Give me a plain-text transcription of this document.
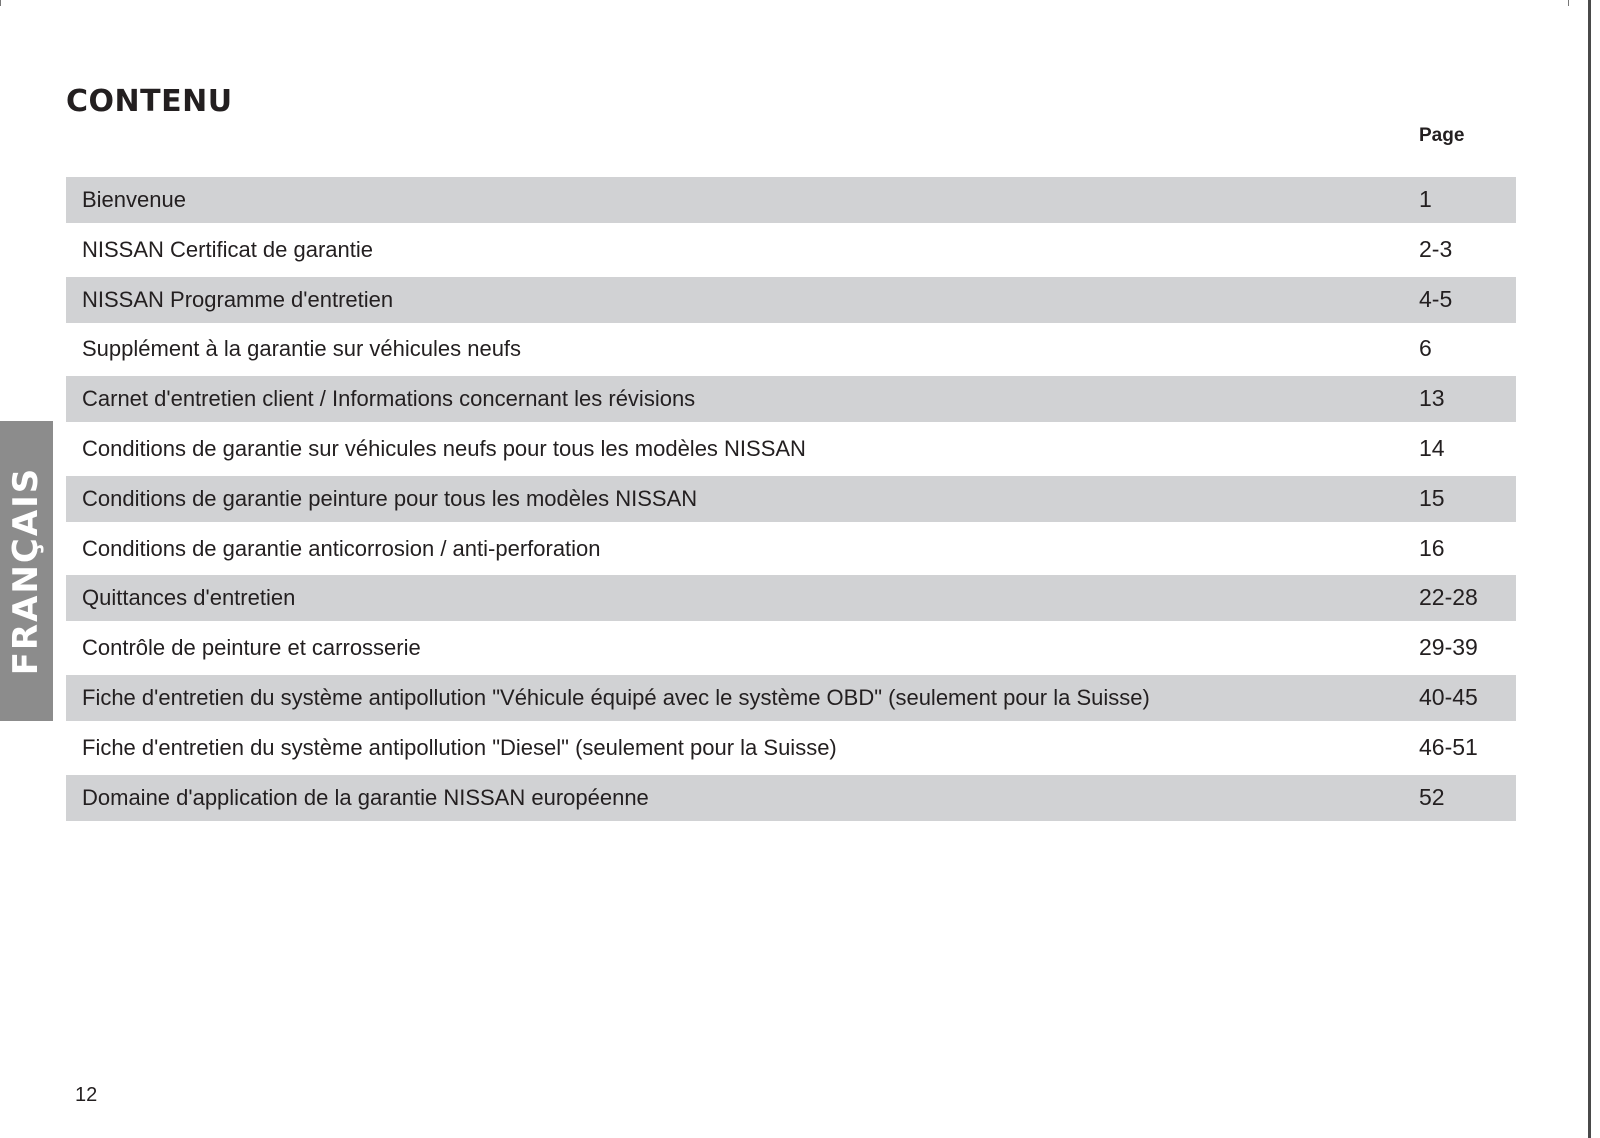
CONTENU
Page
Bienvenue	1
NISSAN Certificat de garantie	2-3
NISSAN Programme d'entretien	4-5
Supplément à la garantie sur véhicules neufs	6
Carnet d'entretien client / Informations concernant les révisions	13
Conditions de garantie sur véhicules neufs pour tous les modèles NISSAN	14
Conditions de garantie peinture pour tous les modèles NISSAN	15
Conditions de garantie anticorrosion / anti-perforation	16
Quittances d'entretien	22-28
Contrôle de peinture et carrosserie	29-39
Fiche d'entretien du système antipollution "Véhicule équipé avec le système OBD" (seulement pour la Suisse)	40-45
Fiche d'entretien du système antipollution "Diesel" (seulement pour la Suisse)	46-51
Domaine d'application de la garantie NISSAN européenne	52
FRANÇAIS
12
